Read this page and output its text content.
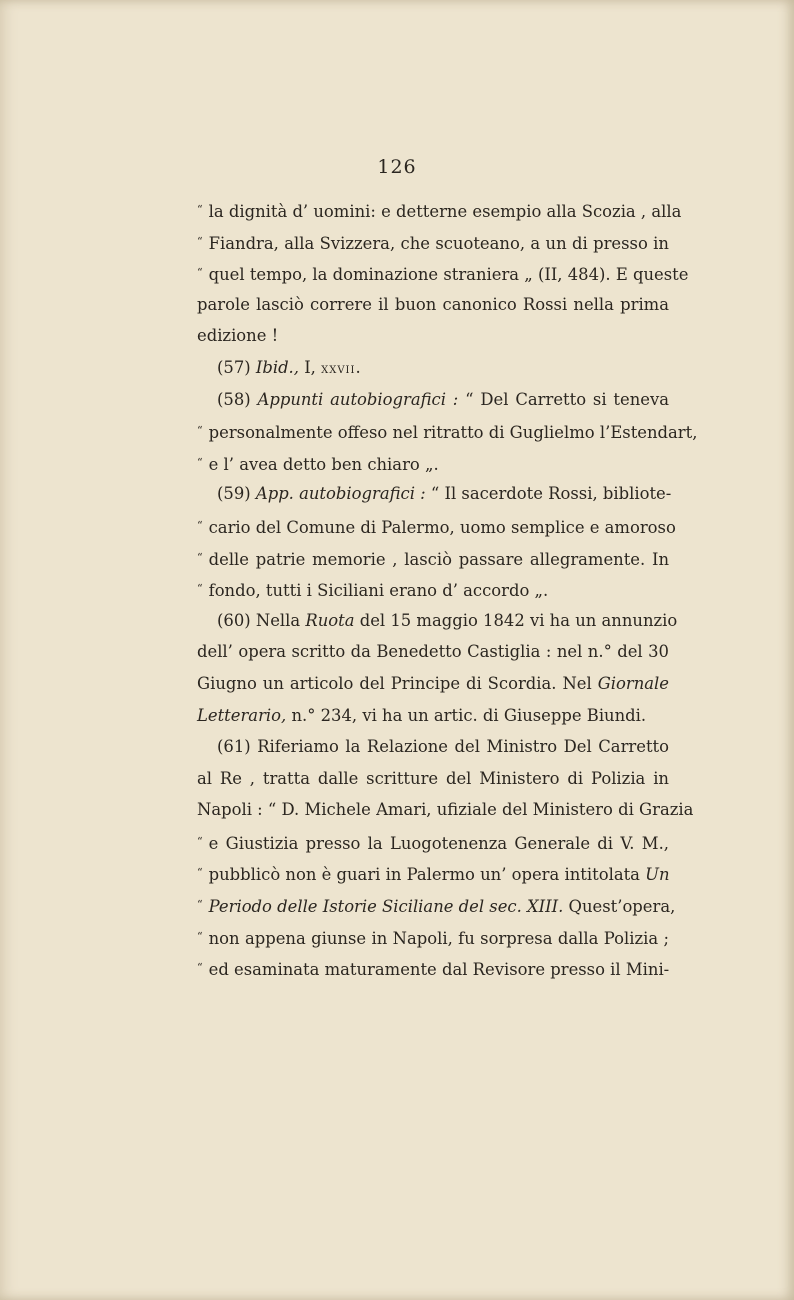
126
“ la dignità d’ uomini: e detterne esempio alla Scozia , alla
“ Fiandra, alla Svizzera, che scuoteano, a un di presso in
“ quel tempo, la dominazione straniera „ (II, 484). E queste
parole lasciò correre il buon canonico Rossi nella prima
edizione !
(57) Ibid., I, xxvii.
(58) Appunti autobiografici : “ Del Carretto si teneva
“ personalmente offeso nel ritratto di Guglielmo l’Estendart,
“ e l’ avea detto ben chiaro „.
(59) App. autobiografici : “ Il sacerdote Rossi, bibliote-
“ cario del Comune di Palermo, uomo semplice e amoroso
“ delle patrie memorie , lasciò passare allegramente. In
“ fondo, tutti i Siciliani erano d’ accordo „.
(60) Nella Ruota del 15 maggio 1842 vi ha un annunzio
dell’ opera scritto da Benedetto Castiglia : nel n.° del 30
Giugno un articolo del Principe di Scordia. Nel Giornale
Letterario, n.° 234, vi ha un artic. di Giuseppe Biundi.
(61) Riferiamo la Relazione del Ministro Del Carretto
al Re , tratta dalle scritture del Ministero di Polizia in
Napoli : “ D. Michele Amari, ufiziale del Ministero di Grazia
“ e Giustizia presso la Luogotenenza Generale di V. M.,
“ pubblicò non è guari in Palermo un’ opera intitolata Un
“ Periodo delle Istorie Siciliane del sec. XIII. Quest’opera,
“ non appena giunse in Napoli, fu sorpresa dalla Polizia ;
“ ed esaminata maturamente dal Revisore presso il Mini-
